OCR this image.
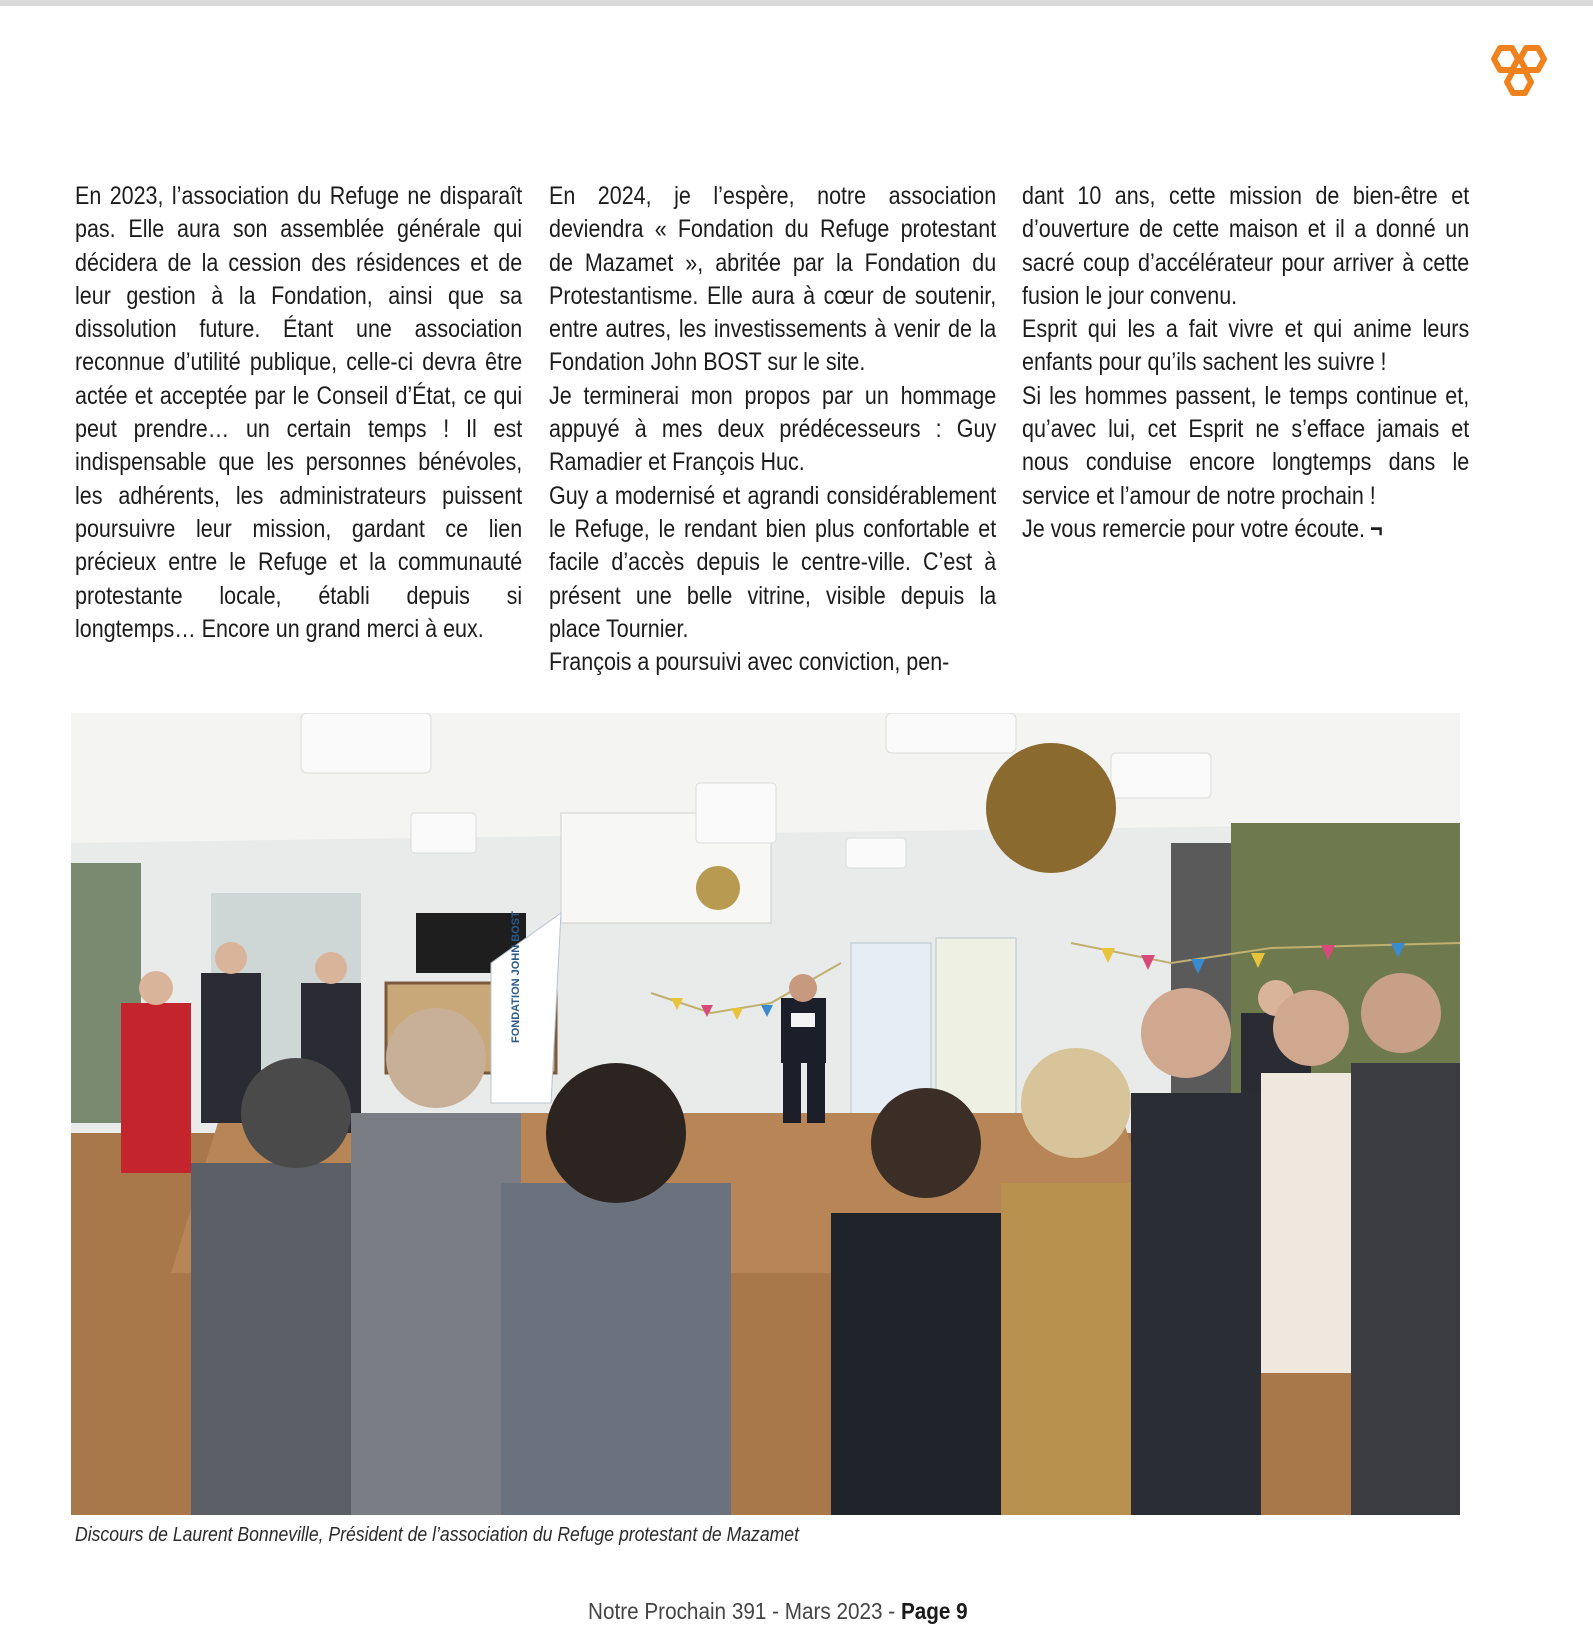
En 2023, l’association du Refuge ne disparaît pas. Elle aura son assemblée générale qui décidera de la cession des résidences et de leur gestion à la Fondation, ainsi que sa dissolution future. Étant une association reconnue d’utilité publique, celle-ci devra être actée et acceptée par le Conseil d’État, ce qui peut prendre… un certain temps ! Il est indispensable que les personnes bénévoles, les adhérents, les administrateurs puissent poursuivre leur mission, gardant ce lien précieux entre le Refuge et la communauté protestante locale, établi depuis si longtemps… Encore un grand merci à eux.

En 2024, je l’espère, notre association deviendra « Fondation du Refuge protestant de Mazamet », abritée par la Fondation du Protestantisme. Elle aura à cœur de soutenir, entre autres, les investissements à venir de la Fondation John BOST sur le site.

Je terminerai mon propos par un hommage appuyé à mes deux prédécesseurs : Guy Ramadier et François Huc.

Guy a modernisé et agrandi considérablement le Refuge, le rendant bien plus confortable et facile d’accès depuis le centre-ville. C’est à présent une belle vitrine, visible depuis la place Tournier.

François a poursuivi avec conviction, pen-

dant 10 ans, cette mission de bien-être et d’ouverture de cette maison et il a donné un sacré coup d’accélérateur pour arriver à cette fusion le jour convenu.

Esprit qui les a fait vivre et qui anime leurs enfants pour qu’ils sachent les suivre !

Si les hommes passent, le temps continue et, qu’avec lui, cet Esprit ne s’efface jamais et nous conduise encore longtemps dans le service et l’amour de notre prochain !

Je vous remercie pour votre écoute. ¬

FONDATION JOHN BOST
Discours de Laurent Bonneville, Président de l’association du Refuge protestant de Mazamet
Notre Prochain 391 - Mars 2023 - Page 9
